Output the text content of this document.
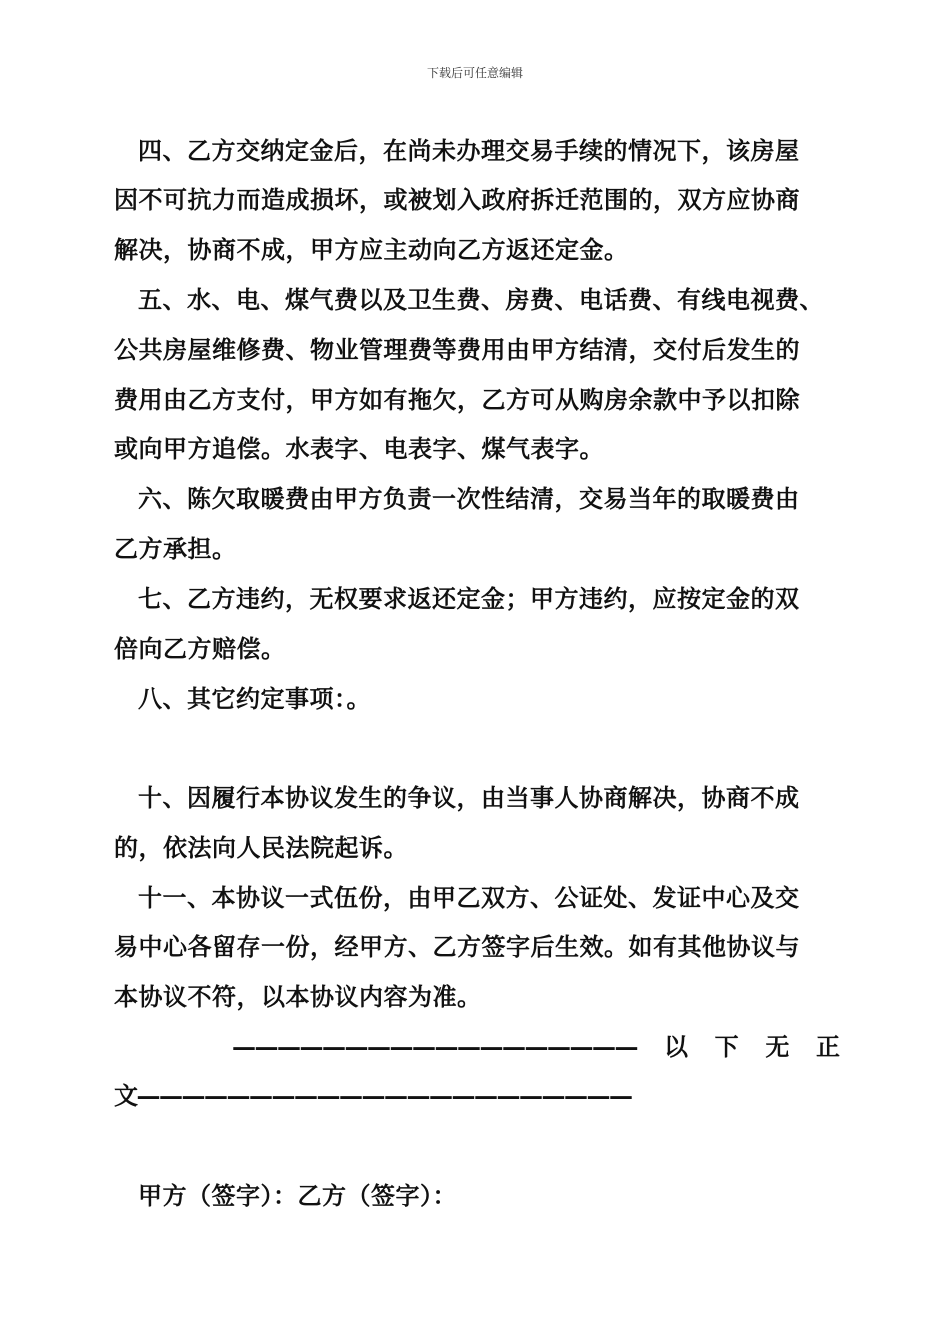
下载后可任意编辑
四、乙方交纳定金后，在尚未办理交易手续的情况下，该房屋
因不可抗力而造成损坏，或被划入政府拆迁范围的，双方应协商
解决，协商不成，甲方应主动向乙方返还定金。
五、水、电、煤气费以及卫生费、房费、电话费、有线电视费、
公共房屋维修费、物业管理费等费用由甲方结清，交付后发生的
费用由乙方支付，甲方如有拖欠，乙方可从购房余款中予以扣除
或向甲方追偿。水表字、电表字、煤气表字。
六、陈欠取暖费由甲方负责一次性结清，交易当年的取暖费由
乙方承担。
七、乙方违约，无权要求返还定金；甲方违约，应按定金的双
倍向乙方赔偿。
八、其它约定事项：。
十、因履行本协议发生的争议，由当事人协商解决，协商不成
的，依法向人民法院起诉。
十一、本协议一式伍份，由甲乙双方、公证处、发证中心及交
易中心各留存一份，经甲方、乙方签字后生效。如有其他协议与
本协议不符，以本协议内容为准。
—————————————————— 以 下 无 正
文——————————————————————
甲方（签字）：乙方（签字）：
